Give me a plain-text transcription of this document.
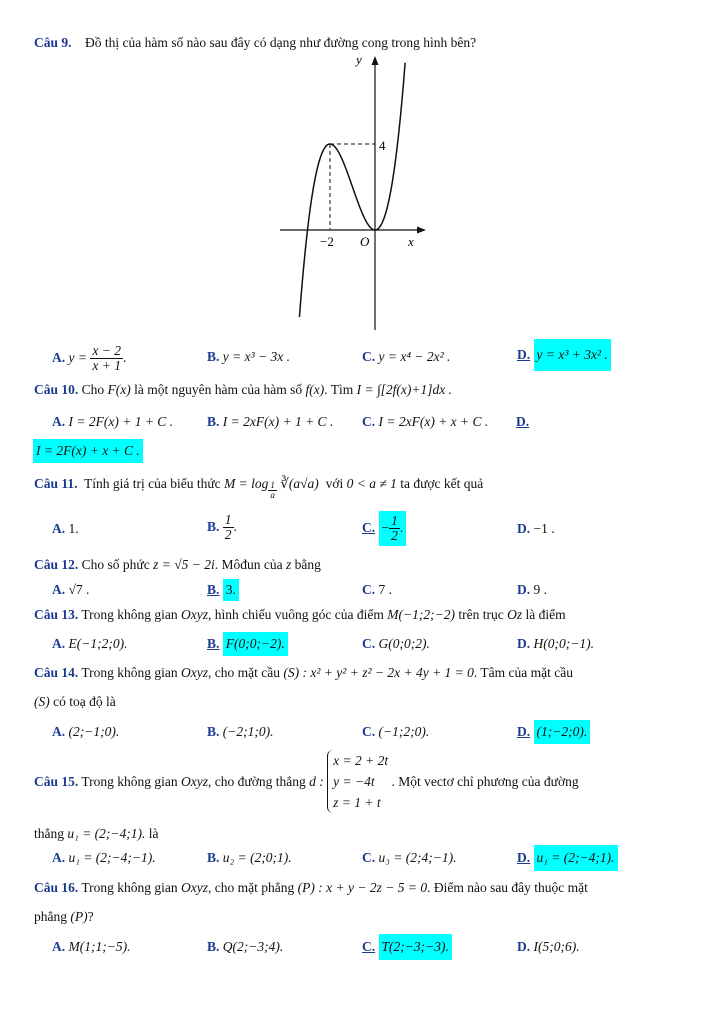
Câu 9. Đồ thị của hàm số nào sau đây có dạng như đường cong trong hình bên?
y
x
O
−2
4
A. $y = \frac{x - 2}{x + 1}$ .	B. y = x³ − 3x .	C. y = x⁴ − 2x² .	D. y = x³ + 3x² .
Câu 10. Cho F(x) là một nguyên hàm của hàm số f(x). Tìm I = ∫[2f(x)+1]dx .
A. I = 2F(x) + 1 + C .	B. I = 2xF(x) + 1 + C . C. I = 2xF(x) + x + C . D.
I = 2F(x) + x + C .
Câu 11. Tính giá trị của biểu thức $M = \log \frac{1}{a}$ ∛(a√a) với 0 < a ≠ 1 ta được kết quả
A. 1.	B. $\frac{1}{2}$ .	C. − $\frac{1}{2}$ .	D. −1 .
Câu 12. Cho số phức z = √5 − 2i. Môđun của z bằng
A. √7 .	B. 3.	C. 7 .	D. 9 .
Câu 13. Trong không gian Oxyz, hình chiếu vuông góc của điểm M(−1;2;−2) trên trục Oz là điểm
A. E(−1;2;0).	B. F(0;0;−2).	C. G(0;0;2).	D. H(0;0;−1).
Câu 14. Trong không gian Oxyz, cho mặt cầu (S) : x² + y² + z² − 2x + 4y + 1 = 0. Tâm của mặt cầu
(S) có toạ độ là
A. (2;−1;0).	B. (−2;1;0).	C. (−1;2;0).	D. (1;−2;0).
Câu 15. Trong không gian Oxyz, cho đường thẳng d :
x = 2 + 2t
y = −4t
z = 1 + t
. Một vectơ chỉ phương của đường
thẳng u₁ = (2;−4;1). là
A. u₁ = (2;−4;−1).	B. u₂ = (2;0;1).	C. u₃ = (2;4;−1).	D. u₁ = (2;−4;1).
Câu 16. Trong không gian Oxyz, cho mặt phẳng (P) : x + y − 2z − 5 = 0. Điểm nào sau đây thuộc mặt
phẳng (P)?
A. M(1;1;−5).	B. Q(2;−3;4).	C. T(2;−3;−3).	D. I(5;0;6).
